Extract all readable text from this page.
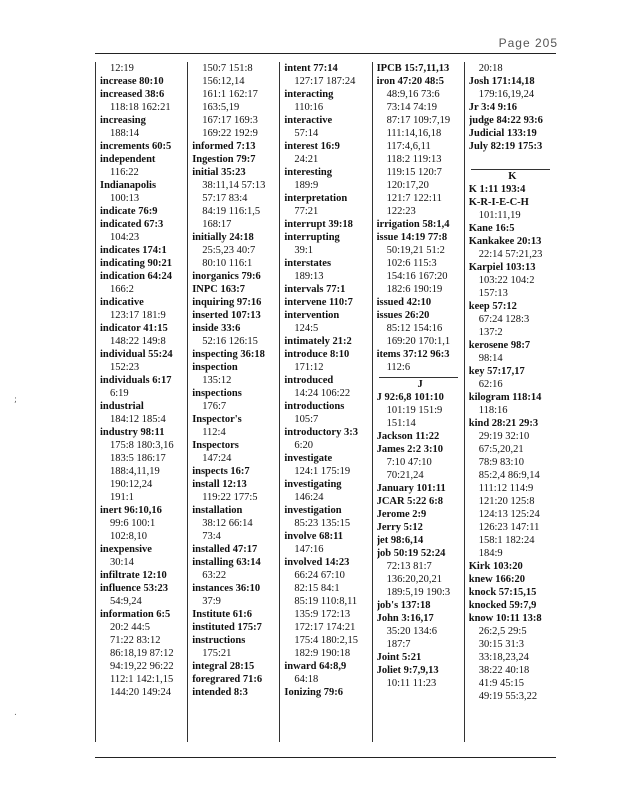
Page 205
;
.
12:19
increase 80:10
increased 38:6
118:18 162:21
increasing
188:14
increments 60:5
independent
116:22
Indianapolis
100:13
indicate 76:9
indicated 67:3
104:23
indicates 174:1
indicating 90:21
indication 64:24
166:2
indicative
123:17 181:9
indicator 41:15
148:22 149:8
individual 55:24
152:23
individuals 6:17
6:19
industrial
184:12 185:4
industry 98:11
175:8 180:3,16
183:5 186:17
188:4,11,19
190:12,24
191:1
inert 96:10,16
99:6 100:1
102:8,10
inexpensive
30:14
infiltrate 12:10
influence 53:23
54:9,24
information 6:5
20:2 44:5
71:22 83:12
86:18,19 87:12
94:19,22 96:22
112:1 142:1,15
144:20 149:24
150:7 151:8
156:12,14
161:1 162:17
163:5,19
167:17 169:3
169:22 192:9
informed 7:13
Ingestion 79:7
initial 35:23
38:11,14 57:13
57:17 83:4
84:19 116:1,5
168:17
initially 24:18
25:5,23 40:7
80:10 116:1
inorganics 79:6
INPC 163:7
inquiring 97:16
inserted 107:13
inside 33:6
52:16 126:15
inspecting 36:18
inspection
135:12
inspections
176:7
Inspector's
112:4
Inspectors
147:24
inspects 16:7
install 12:13
119:22 177:5
installation
38:12 66:14
73:4
installed 47:17
installing 63:14
63:22
instances 36:10
37:9
Institute 61:6
instituted 175:7
instructions
175:21
integral 28:15
foregrared 71:6
intended 8:3
intent 77:14
127:17 187:24
interacting
110:16
interactive
57:14
interest 16:9
24:21
interesting
189:9
interpretation
77:21
interrupt 39:18
interrupting
39:1
interstates
189:13
intervals 77:1
intervene 110:7
intervention
124:5
intimately 21:2
introduce 8:10
171:12
introduced
14:24 106:22
introductions
105:7
introductory 3:3
6:20
investigate
124:1 175:19
investigating
146:24
investigation
85:23 135:15
involve 68:11
147:16
involved 14:23
66:24 67:10
82:15 84:1
85:19 110:8,11
135:9 172:13
172:17 174:21
175:4 180:2,15
182:9 190:18
inward 64:8,9
64:18
Ionizing 79:6
IPCB 15:7,11,13
iron 47:20 48:5
48:9,16 73:6
73:14 74:19
87:17 109:7,19
111:14,16,18
117:4,6,11
118:2 119:13
119:15 120:7
120:17,20
121:7 122:11
122:23
irrigation 58:1,4
issue 14:19 77:8
50:19,21 51:2
102:6 115:3
154:16 167:20
182:6 190:19
issued 42:10
issues 26:20
85:12 154:16
169:20 170:1,1
items 37:12 96:3
112:6
J
J 92:6,8 101:10
101:19 151:9
151:14
Jackson 11:22
James 2:2 3:10
7:10 47:10
70:21,24
January 101:11
JCAR 5:22 6:8
Jerome 2:9
Jerry 5:12
jet 98:6,14
job 50:19 52:24
72:13 81:7
136:20,20,21
189:5,19 190:3
job's 137:18
John 3:16,17
35:20 134:6
187:7
Joint 5:21
Joliet 9:7,9,13
10:11 11:23
20:18
Josh 171:14,18
179:16,19,24
Jr 3:4 9:16
judge 84:22 93:6
Judicial 133:19
July 82:19 175:3

K
K 1:11 193:4
K-R-I-E-C-H
101:11,19
Kane 16:5
Kankakee 20:13
22:14 57:21,23
Karpiel 103:13
103:22 104:2
157:13
keep 57:12
67:24 128:3
137:2
kerosene 98:7
98:14
key 57:17,17
62:16
kilogram 118:14
118:16
kind 28:21 29:3
29:19 32:10
67:5,20,21
78:9 83:10
85:2,4 86:9,14
111:12 114:9
121:20 125:8
124:13 125:24
126:23 147:11
158:1 182:24
184:9
Kirk 103:20
knew 166:20
knock 57:15,15
knocked 59:7,9
know 10:11 13:8
26:2,5 29:5
30:15 31:3
33:18,23,24
38:22 40:18
41:9 45:15
49:19 55:3,22
